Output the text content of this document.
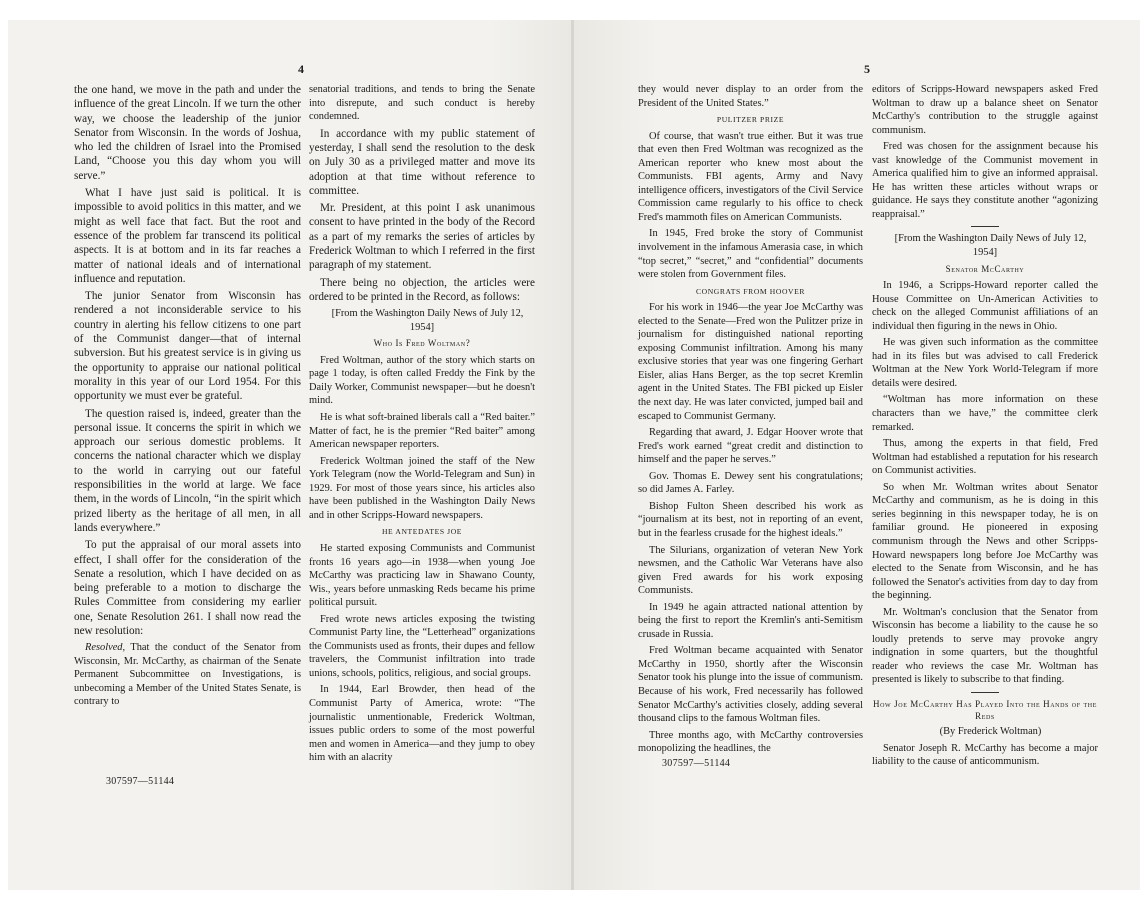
4

the one hand, we move in the path and under the influence of the great Lincoln. If we turn the other way, we choose the leadership of the junior Senator from Wisconsin. In the words of Joshua, who led the children of Israel into the Promised Land, “Choose you this day whom you will serve.”

What I have just said is political. It is impossible to avoid politics in this matter, and we might as well face that fact. But the root and essence of the problem far transcend its political aspects. It is at bottom and in its far reaches a matter of national ideals and of international influence and reputation.

The junior Senator from Wisconsin has rendered a not inconsiderable service to his country in alerting his fellow citizens to one part of the Communist danger—that of internal subversion. But his greatest service is in giving us the opportunity to appraise our national political morality in this year of our Lord 1954. For this opportunity we must ever be grateful.

The question raised is, indeed, greater than the personal issue. It concerns the spirit in which we approach our serious domestic problems. It concerns the national character which we display to the world in carrying out our fateful responsibilities in the world at large. We face them, in the words of Lincoln, “in the spirit which prized liberty as the heritage of all men, in all lands everywhere.”

To put the appraisal of our moral assets into effect, I shall offer for the consideration of the Senate a resolution, which I have decided on as being preferable to a motion to discharge the Rules Committee from considering my earlier one, Senate Resolution 261. I shall now read the new resolution:

Resolved, That the conduct of the Senator from Wisconsin, Mr. McCarthy, as chairman of the Senate Permanent Subcommittee on Investigations, is unbecoming a Member of the United States Senate, is contrary to

senatorial traditions, and tends to bring the Senate into disrepute, and such conduct is hereby condemned.

In accordance with my public statement of yesterday, I shall send the resolution to the desk on July 30 as a privileged matter and move its adoption at that time without reference to committee.

Mr. President, at this point I ask unanimous consent to have printed in the body of the Record as a part of my remarks the series of articles by Frederick Woltman to which I referred in the first paragraph of my statement.

There being no objection, the articles were ordered to be printed in the Record, as follows:

[From the Washington Daily News of July 12, 1954]

Who Is Fred Woltman?

Fred Woltman, author of the story which starts on page 1 today, is often called Freddy the Fink by the Daily Worker, Communist newspaper—but he doesn't mind.

He is what soft-brained liberals call a “Red baiter.” Matter of fact, he is the premier “Red baiter” among American newspaper reporters.

Frederick Woltman joined the staff of the New York Telegram (now the World-Telegram and Sun) in 1929. For most of those years since, his articles also have been published in the Washington Daily News and in other Scripps-Howard newspapers.

HE ANTEDATES JOE

He started exposing Communists and Communist fronts 16 years ago—in 1938—when young Joe McCarthy was practicing law in Shawano County, Wis., years before unmasking Reds became his prime political pursuit.

Fred wrote news articles exposing the twisting Communist Party line, the “Letterhead” organizations the Communists used as fronts, their dupes and fellow travelers, the Communist infiltration into trade unions, schools, politics, religious, and social groups.

In 1944, Earl Browder, then head of the Communist Party of America, wrote: “The journalistic unmentionable, Frederick Woltman, issues public orders to some of the most powerful men and women in America—and they jump to obey him with an alacrity

307597—51144
5

they would never display to an order from the President of the United States.”

PULITZER PRIZE

Of course, that wasn't true either. But it was true that even then Fred Woltman was recognized as the American reporter who knew most about the Communists. FBI agents, Army and Navy intelligence officers, investigators of the Civil Service Commission came regularly to his office to check Fred's mammoth files on American Communists.

In 1945, Fred broke the story of Communist involvement in the infamous Amerasia case, in which “top secret,” “secret,” and “confidential” documents were stolen from Government files.

CONGRATS FROM HOOVER

For his work in 1946—the year Joe McCarthy was elected to the Senate—Fred won the Pulitzer prize in journalism for distinguished national reporting exposing Communist infiltration. Among his many exclusive stories that year was one fingering Gerhart Eisler, alias Hans Berger, as the top secret Kremlin agent in the United States. The FBI picked up Eisler the next day. He was later convicted, jumped bail and escaped to Communist Germany.

Regarding that award, J. Edgar Hoover wrote that Fred's work earned “great credit and distinction to himself and the paper he serves.”

Gov. Thomas E. Dewey sent his congratulations; so did James A. Farley.

Bishop Fulton Sheen described his work as “journalism at its best, not in reporting of an event, but in the fearless crusade for the highest ideals.”

The Silurians, organization of veteran New York newsmen, and the Catholic War Veterans have also given Fred awards for his work exposing Communists.

In 1949 he again attracted national attention by being the first to report the Kremlin's anti-Semitism crusade in Russia.

Fred Woltman became acquainted with Senator McCarthy in 1950, shortly after the Wisconsin Senator took his plunge into the issue of communism. Because of his work, Fred necessarily has followed Senator McCarthy's activities closely, adding several thousand clips to the famous Woltman files.

Three months ago, with McCarthy controversies monopolizing the headlines, the

editors of Scripps-Howard newspapers asked Fred Woltman to draw up a balance sheet on Senator McCarthy's contribution to the struggle against communism.

Fred was chosen for the assignment because his vast knowledge of the Communist movement in America qualified him to give an informed appraisal. He has written these articles without wraps or guidance. He says they constitute another “agonizing reappraisal.”

[From the Washington Daily News of July 12, 1954]

Senator McCarthy

In 1946, a Scripps-Howard reporter called the House Committee on Un-American Activities to check on the alleged Communist affiliations of an individual then figuring in the news in Ohio.

He was given such information as the committee had in its files but was advised to call Frederick Woltman at the New York World-Telegram if more details were desired.

“Woltman has more information on these characters than we have,” the committee clerk remarked.

Thus, among the experts in that field, Fred Woltman had established a reputation for his research on Communist activities.

So when Mr. Woltman writes about Senator McCarthy and communism, as he is doing in this series beginning in this newspaper today, he is on familiar ground. He pioneered in exposing communism through the News and other Scripps-Howard newspapers long before Joe McCarthy was elected to the Senate from Wisconsin, and he has followed the Senator's activities from day to day from the beginning.

Mr. Woltman's conclusion that the Senator from Wisconsin has become a liability to the cause he so loudly pretends to serve may provoke angry indignation in some quarters, but the thoughtful reader who reviews the case Mr. Woltman has presented is likely to subscribe to that finding.

How Joe McCarthy Has Played Into the Hands of the Reds

(By Frederick Woltman)

Senator Joseph R. McCarthy has become a major liability to the cause of anticommunism.

307597—51144
